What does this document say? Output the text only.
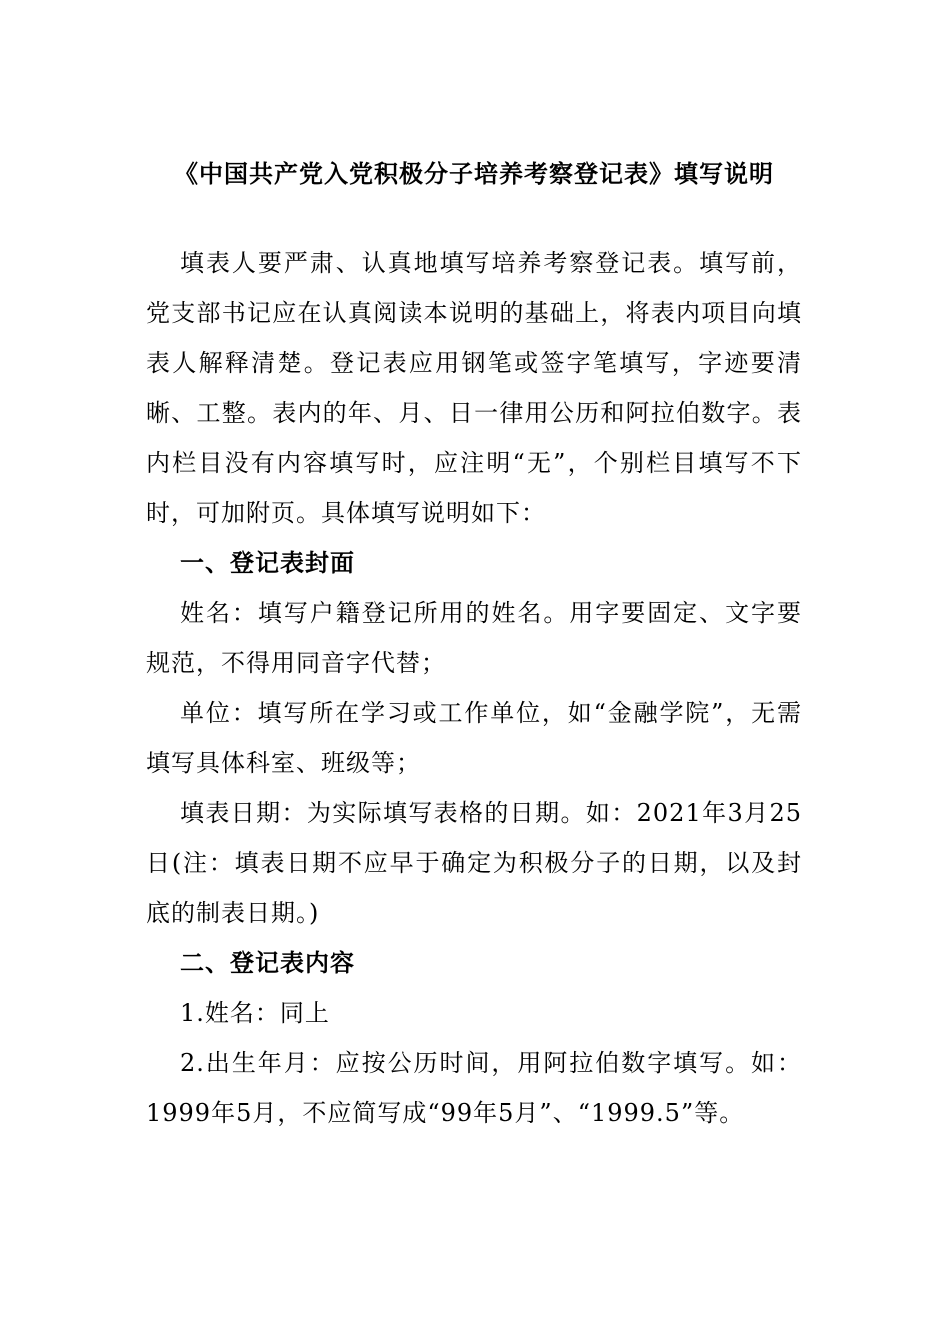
《中国共产党入党积极分子培养考察登记表》填写说明

填表人要严肃、认真地填写培养考察登记表。填写前，党支部书记应在认真阅读本说明的基础上，将表内项目向填表人解释清楚。登记表应用钢笔或签字笔填写，字迹要清晰、工整。表内的年、月、日一律用公历和阿拉伯数字。表内栏目没有内容填写时，应注明“无”，个别栏目填写不下时，可加附页。具体填写说明如下：

一、登记表封面

姓名：填写户籍登记所用的姓名。用字要固定、文字要规范，不得用同音字代替；

单位：填写所在学习或工作单位，如“金融学院”，无需填写具体科室、班级等；

填表日期：为实际填写表格的日期。如：2021年3月25日(注：填表日期不应早于确定为积极分子的日期，以及封底的制表日期。)

二、登记表内容

1.姓名：同上

2.出生年月：应按公历时间，用阿拉伯数字填写。如：1999年5月，不应简写成“99年5月”、“1999.5”等。
